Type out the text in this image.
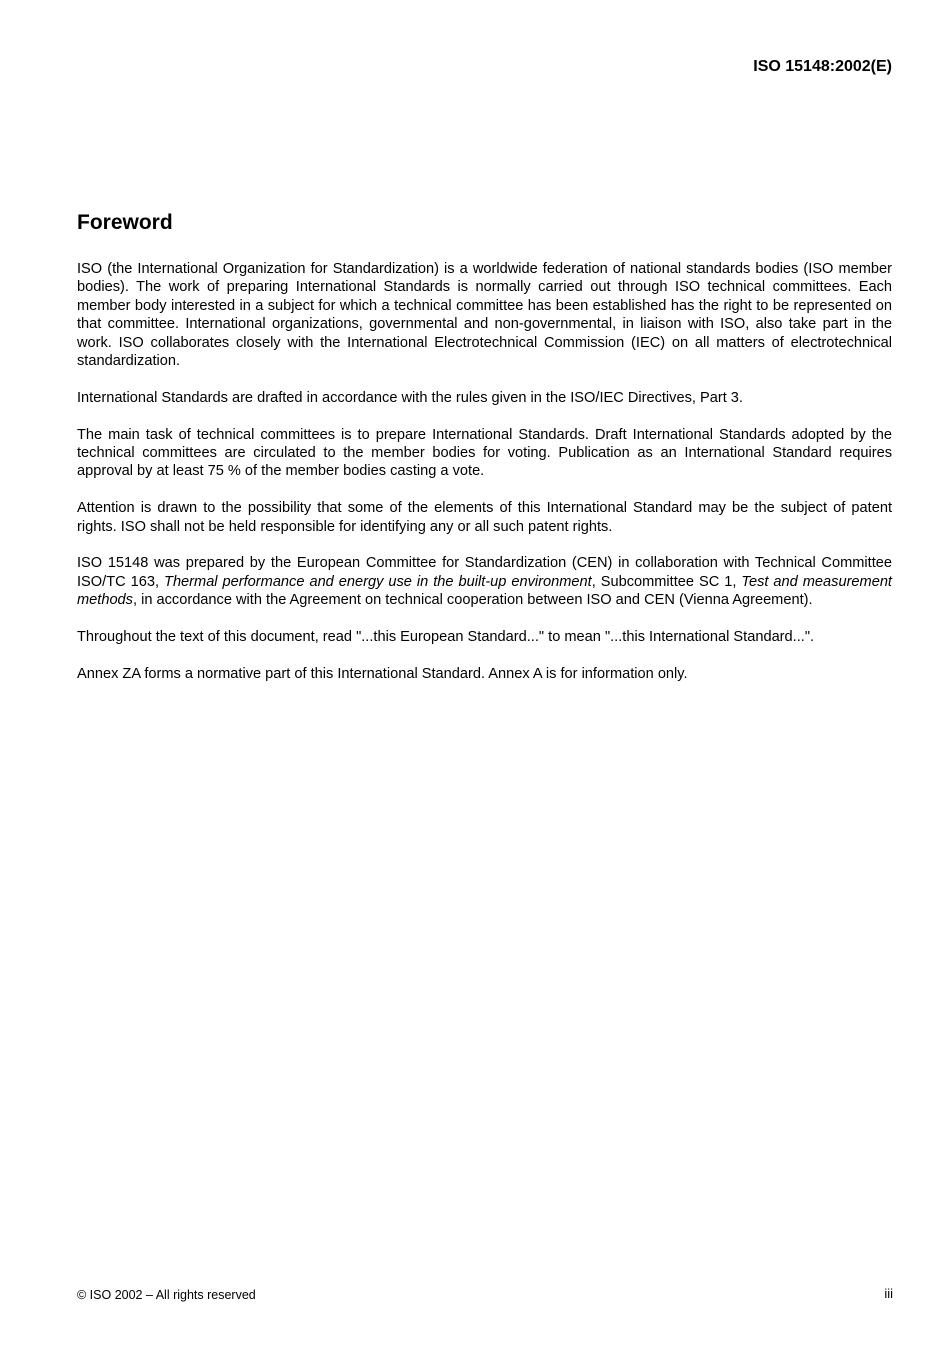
ISO 15148:2002(E)
Foreword

ISO (the International Organization for Standardization) is a worldwide federation of national standards bodies (ISO member bodies). The work of preparing International Standards is normally carried out through ISO technical committees. Each member body interested in a subject for which a technical committee has been established has the right to be represented on that committee. International organizations, governmental and non-governmental, in liaison with ISO, also take part in the work. ISO collaborates closely with the International Electrotechnical Commission (IEC) on all matters of electrotechnical standardization.

International Standards are drafted in accordance with the rules given in the ISO/IEC Directives, Part 3.

The main task of technical committees is to prepare International Standards. Draft International Standards adopted by the technical committees are circulated to the member bodies for voting. Publication as an International Standard requires approval by at least 75 % of the member bodies casting a vote.

Attention is drawn to the possibility that some of the elements of this International Standard may be the subject of patent rights. ISO shall not be held responsible for identifying any or all such patent rights.

ISO 15148 was prepared by the European Committee for Standardization (CEN) in collaboration with Technical Committee ISO/TC 163, Thermal performance and energy use in the built-up environment, Subcommittee SC 1, Test and measurement methods, in accordance with the Agreement on technical cooperation between ISO and CEN (Vienna Agreement).

Throughout the text of this document, read "...this European Standard..." to mean "...this International Standard...".

Annex ZA forms a normative part of this International Standard. Annex A is for information only.

© ISO 2002 – All rights reserved	iii
